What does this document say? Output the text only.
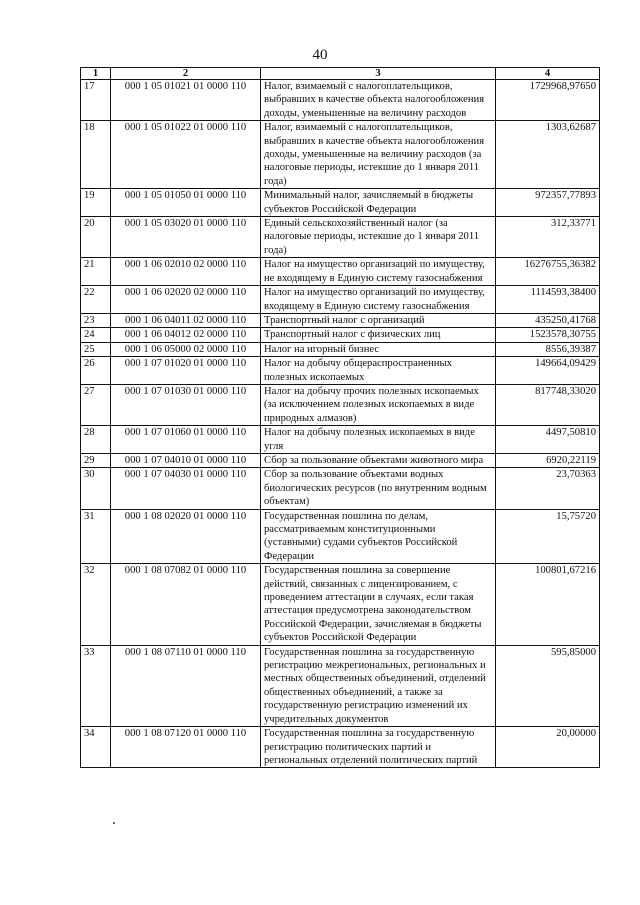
40
1	2	3	4
17	000 1 05 01021 01 0000 110	Налог, взимаемый с налогоплательщиков, выбравших в качестве объекта налогообложения доходы, уменьшенные на величину расходов	1729968,97650
18	000 1 05 01022 01 0000 110	Налог, взимаемый с налогоплательщиков, выбравших в качестве объекта налогообложения доходы, уменьшенные на величину расходов (за налоговые периоды, истекшие до 1 января 2011 года)	1303,62687
19	000 1 05 01050 01 0000 110	Минимальный налог, зачисляемый в бюджеты субъектов Российской Федерации	972357,77893
20	000 1 05 03020 01 0000 110	Единый сельскохозяйственный налог (за налоговые периоды, истекшие до 1 января 2011 года)	312,33771
21	000 1 06 02010 02 0000 110	Налог на имущество организаций по имуществу, не входящему в Единую систему газоснабжения	16276755,36382
22	000 1 06 02020 02 0000 110	Налог на имущество организаций по имуществу, входящему в Единую систему газоснабжения	1114593,38400
23	000 1 06 04011 02 0000 110	Транспортный налог с организаций	435250,41768
24	000 1 06 04012 02 0000 110	Транспортный налог с физических лиц	1523578,30755
25	000 1 06 05000 02 0000 110	Налог на игорный бизнес	8556,39387
26	000 1 07 01020 01 0000 110	Налог на добычу общераспространенных полезных ископаемых	149664,09429
27	000 1 07 01030 01 0000 110	Налог на добычу прочих полезных ископаемых (за исключением полезных ископаемых в виде природных алмазов)	817748,33020
28	000 1 07 01060 01 0000 110	Налог на добычу полезных ископаемых в виде угля	4497,50810
29	000 1 07 04010 01 0000 110	Сбор за пользование объектами животного мира	6920,22119
30	000 1 07 04030 01 0000 110	Сбор за пользование объектами водных биологических ресурсов (по внутренним водным объектам)	23,70363
31	000 1 08 02020 01 0000 110	Государственная пошлина по делам, рассматриваемым конституционными (уставными) судами субъектов Российской Федерации	15,75720
32	000 1 08 07082 01 0000 110	Государственная пошлина за совершение действий, связанных с лицензированием, с проведением аттестации в случаях, если такая аттестация предусмотрена законодательством Российской Федерации, зачисляемая в бюджеты субъектов Российской Федерации	100801,67216
33	000 1 08 07110 01 0000 110	Государственная пошлина за государственную регистрацию межрегиональных, региональных и местных общественных объединений, отделений общественных объединений, а также за государственную регистрацию изменений их учредительных документов	595,85000
34	000 1 08 07120 01 0000 110	Государственная пошлина за государственную регистрацию политических партий и региональных отделений политических партий	20,00000
